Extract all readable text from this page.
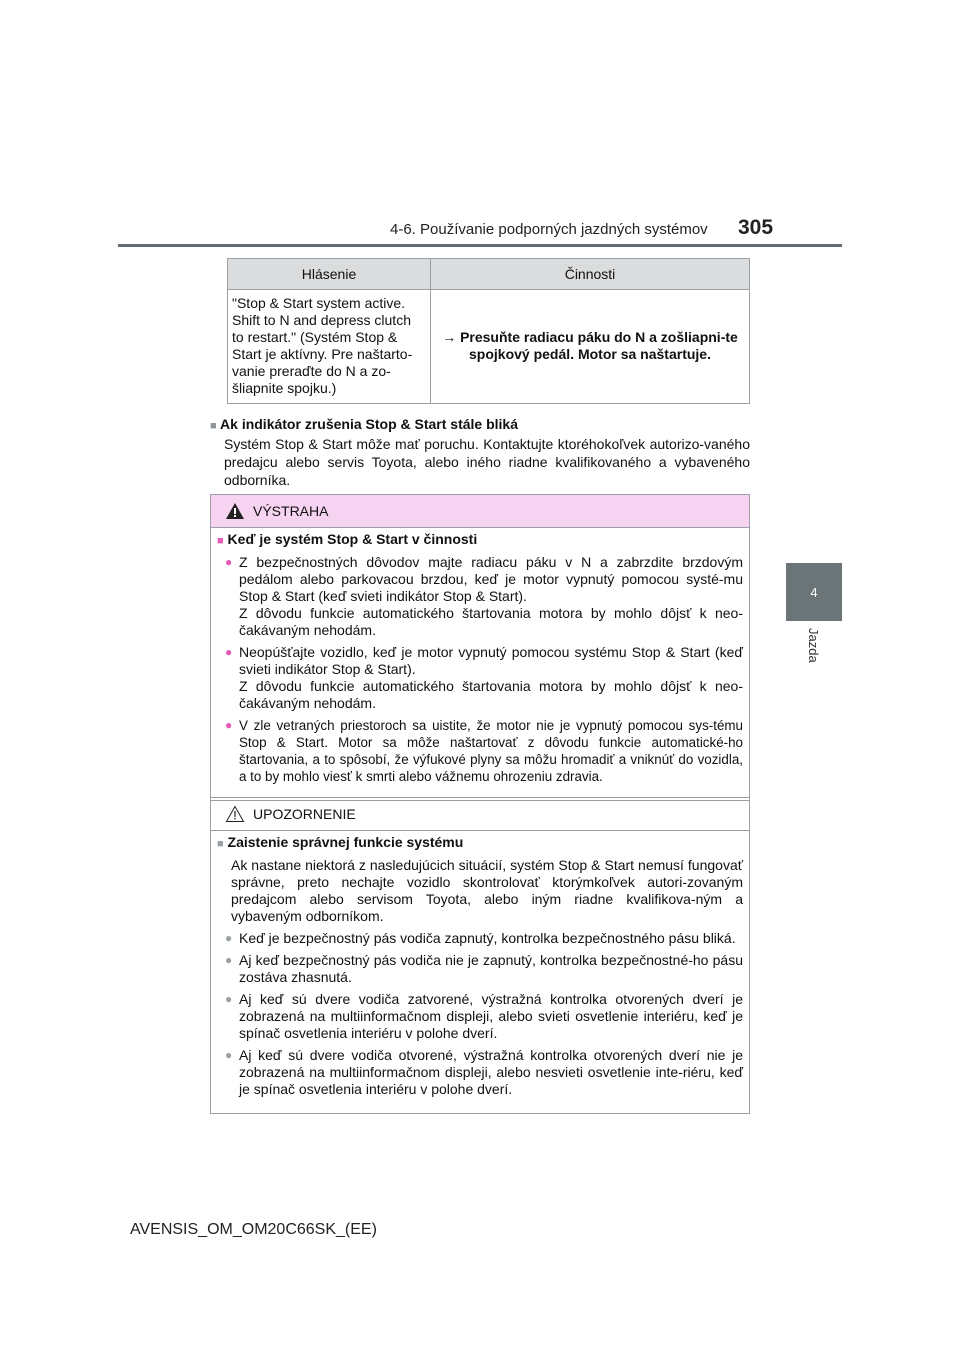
4-6. Používanie podporných jazdných systémov 305
4
Jazda
Hlásenie	Činnosti
"Stop & Start system active. Shift to N and depress clutch to restart." (Systém Stop & Start je aktívny. Pre naštarto-vanie preraďte do N a zo-šliapnite spojku.)	→ Presuňte radiacu páku do N a zošliapni-te spojkový pedál. Motor sa naštartuje.
■ Ak indikátor zrušenia Stop & Start stále bliká
Systém Stop & Start môže mať poruchu. Kontaktujte ktoréhokoľvek autorizo-vaného predajcu alebo servis Toyota, alebo iného riadne kvalifikovaného a vybaveného odborníka.
VÝSTRAHA
■ Keď je systém Stop & Start v činnosti
● Z bezpečnostných dôvodov majte radiacu páku v N a zabrzdite brzdovým pedálom alebo parkovacou brzdou, keď je motor vypnutý pomocou systé-mu Stop & Start (keď svieti indikátor Stop & Start).
Z dôvodu funkcie automatického štartovania motora by mohlo dôjsť k neo-čakávaným nehodám.
● Neopúšťajte vozidlo, keď je motor vypnutý pomocou systému Stop & Start (keď svieti indikátor Stop & Start).
Z dôvodu funkcie automatického štartovania motora by mohlo dôjsť k neo-čakávaným nehodám.
● V zle vetraných priestoroch sa uistite, že motor nie je vypnutý pomocou sys-tému Stop & Start. Motor sa môže naštartovať z dôvodu funkcie automatické-ho štartovania, a to spôsobí, že výfukové plyny sa môžu hromadiť a vniknúť do vozidla, a to by mohlo viesť k smrti alebo vážnemu ohrozeniu zdravia.
UPOZORNENIE
■ Zaistenie správnej funkcie systému
Ak nastane niektorá z nasledujúcich situácií, systém Stop & Start nemusí fungovať správne, preto nechajte vozidlo skontrolovať ktorýmkoľvek autori-zovaným predajcom alebo servisom Toyota, alebo iným riadne kvalifikova-ným a vybaveným odborníkom.
● Keď je bezpečnostný pás vodiča zapnutý, kontrolka bezpečnostného pásu bliká.
● Aj keď bezpečnostný pás vodiča nie je zapnutý, kontrolka bezpečnostné-ho pásu zostáva zhasnutá.
● Aj keď sú dvere vodiča zatvorené, výstražná kontrolka otvorených dverí je zobrazená na multiinformačnom displeji, alebo svieti osvetlenie interiéru, keď je spínač osvetlenia interiéru v polohe dverí.
● Aj keď sú dvere vodiča otvorené, výstražná kontrolka otvorených dverí nie je zobrazená na multiinformačnom displeji, alebo nesvieti osvetlenie inte-riéru, keď je spínač osvetlenia interiéru v polohe dverí.
AVENSIS_OM_OM20C66SK_(EE)
